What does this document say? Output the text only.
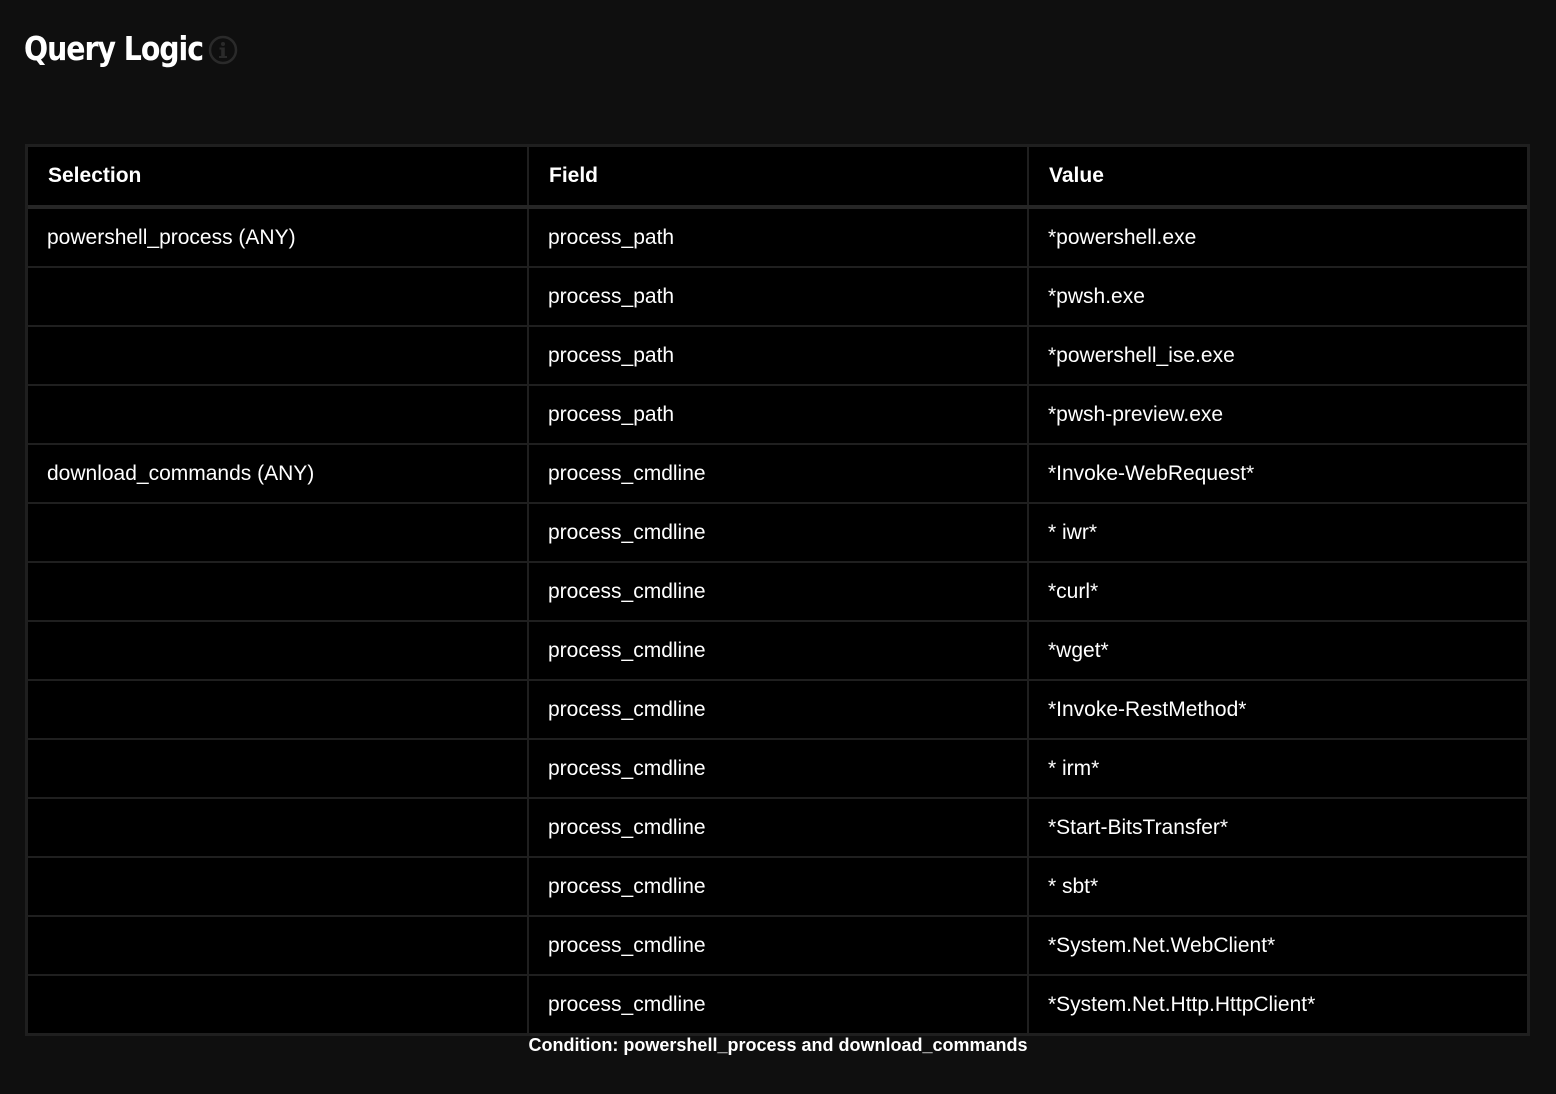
Query Logic
Selection	Field	Value
powershell_process (ANY)	process_path	*powershell.exe
	process_path	*pwsh.exe
	process_path	*powershell_ise.exe
	process_path	*pwsh-preview.exe
download_commands (ANY)	process_cmdline	*Invoke-WebRequest*
	process_cmdline	* iwr*
	process_cmdline	*curl*
	process_cmdline	*wget*
	process_cmdline	*Invoke-RestMethod*
	process_cmdline	* irm*
	process_cmdline	*Start-BitsTransfer*
	process_cmdline	* sbt*
	process_cmdline	*System.Net.WebClient*
	process_cmdline	*System.Net.Http.HttpClient*
Condition: powershell_process and download_commands
